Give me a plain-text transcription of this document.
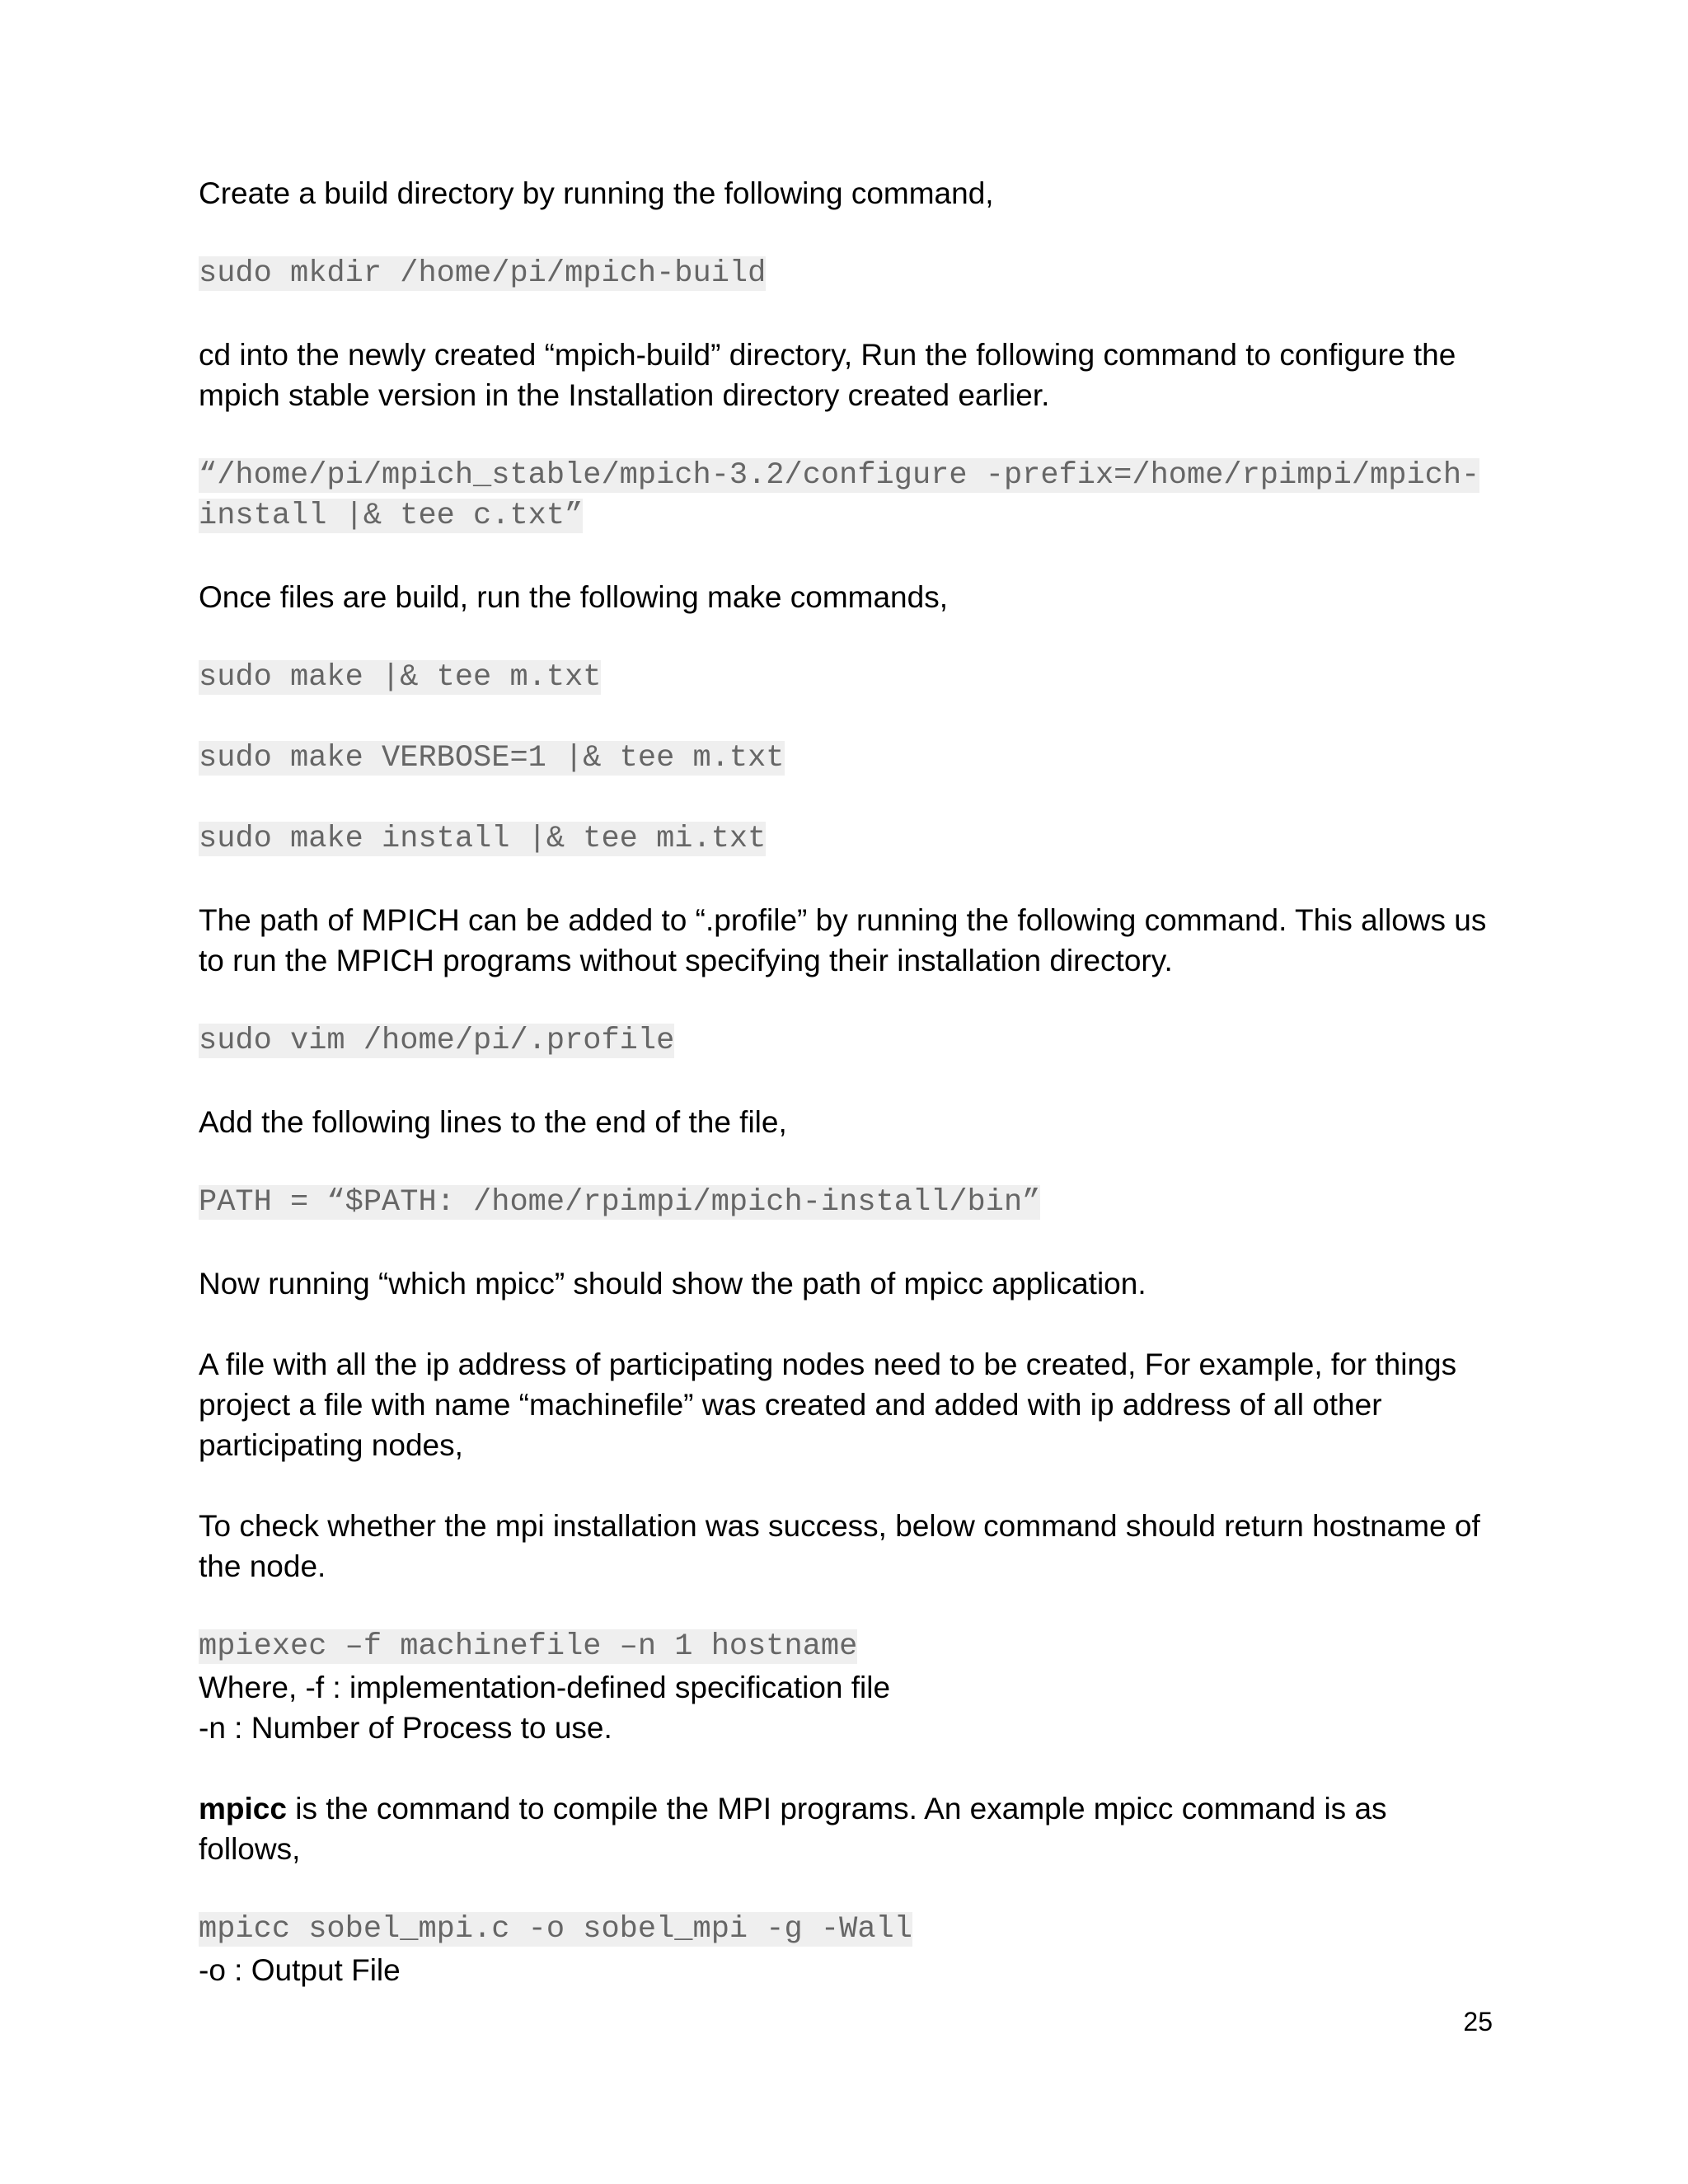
Create a build directory by running the following command,

sudo mkdir /home/pi/mpich-build

cd into the newly created “mpich-build” directory, Run the following command to configure the mpich stable version in the Installation directory created earlier.

“/home/pi/mpich_stable/mpich-3.2/configure -prefix=/home/rpimpi/mpich-install |& tee c.txt”

Once files are build, run the following make commands,

sudo make |& tee m.txt

sudo make VERBOSE=1 |& tee m.txt

sudo make install |& tee mi.txt

The path of MPICH can be added to “.profile” by running the following command. This allows us to run the MPICH programs without specifying their installation directory.

sudo vim /home/pi/.profile

Add the following lines to the end of the file,

PATH = “$PATH: /home/rpimpi/mpich-install/bin”

Now running “which mpicc” should show the path of mpicc application.

A file with all the ip address of participating nodes need to be created, For example, for things project a file with name “machinefile” was created and added with ip address of all other participating nodes,

To check whether the mpi installation was success, below command should return hostname of the node.

mpiexec –f machinefile –n 1 hostname

Where, -f : implementation-defined specification file

-n : Number of Process to use.

mpicc is the command to compile the MPI programs. An example mpicc command is as follows,

mpicc sobel_mpi.c -o sobel_mpi -g -Wall

-o : Output File

25
